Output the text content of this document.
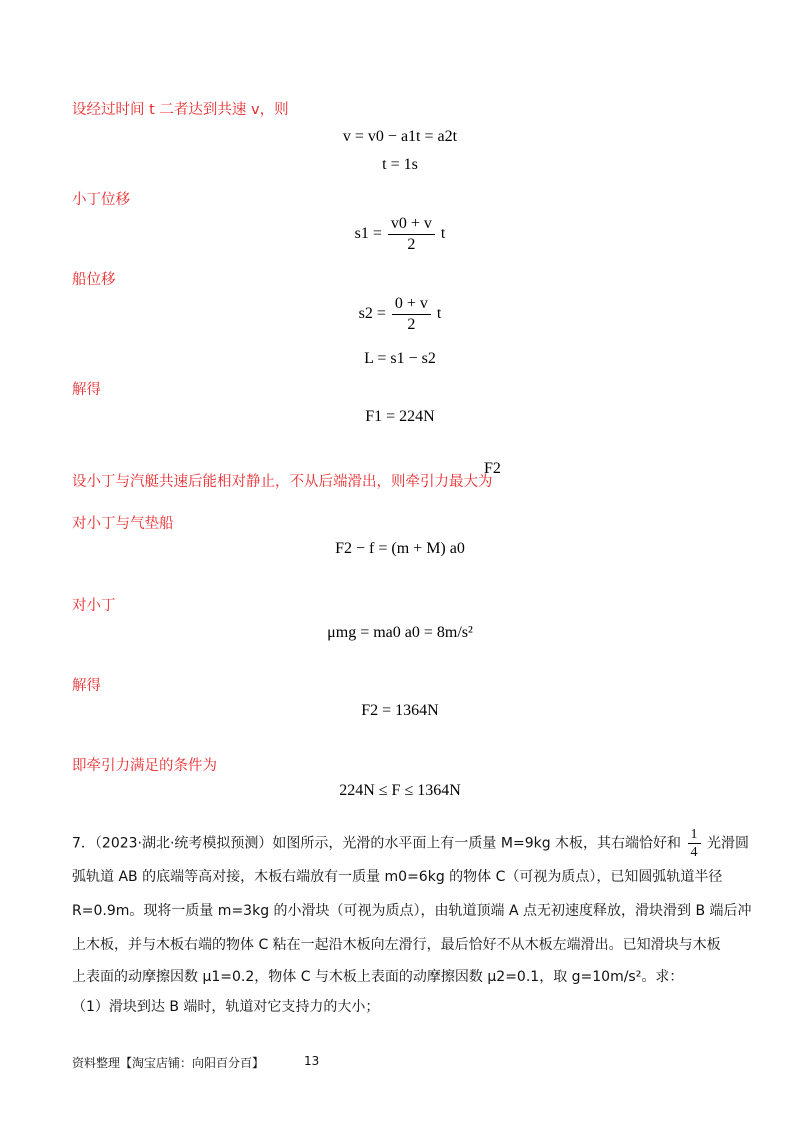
设经过时间 t 二者达到共速 v，则
v = v0 − a1t = a2t
t = 1s
小丁位移
$s1 = \frac{v0 + v}{2}$ t
船位移
$s2 = \frac{0 + v}{2}$ t
L = s1 − s2
解得
F1 = 224N
设小丁与汽艇共速后能相对静止，不从后端滑出，则牵引力最大为
F2
对小丁与气垫船
F2 − f = (m + M) a0
对小丁
μmg = ma0 a0 = 8m/s²
解得
F2 = 1364N
即牵引力满足的条件为
224N ≤ F ≤ 1364N
7．（2023·湖北·统考模拟预测）如图所示，光滑的水平面上有一质量 M=9kg 木板，其右端恰好和 $\frac{1}{4}$ 光滑圆
弧轨道 AB 的底端等高对接，木板右端放有一质量 m0=6kg 的物体 C（可视为质点），已知圆弧轨道半径
R=0.9m。现将一质量 m=3kg 的小滑块（可视为质点），由轨道顶端 A 点无初速度释放，滑块滑到 B 端后冲
上木板，并与木板右端的物体 C 粘在一起沿木板向左滑行，最后恰好不从木板左端滑出。已知滑块与木板
上表面的动摩擦因数 μ1=0.2，物体 C 与木板上表面的动摩擦因数 μ2=0.1，取 g=10m/s²。求：
（1）滑块到达 B 端时，轨道对它支持力的大小；
资料整理【淘宝店铺：向阳百分百】	13
